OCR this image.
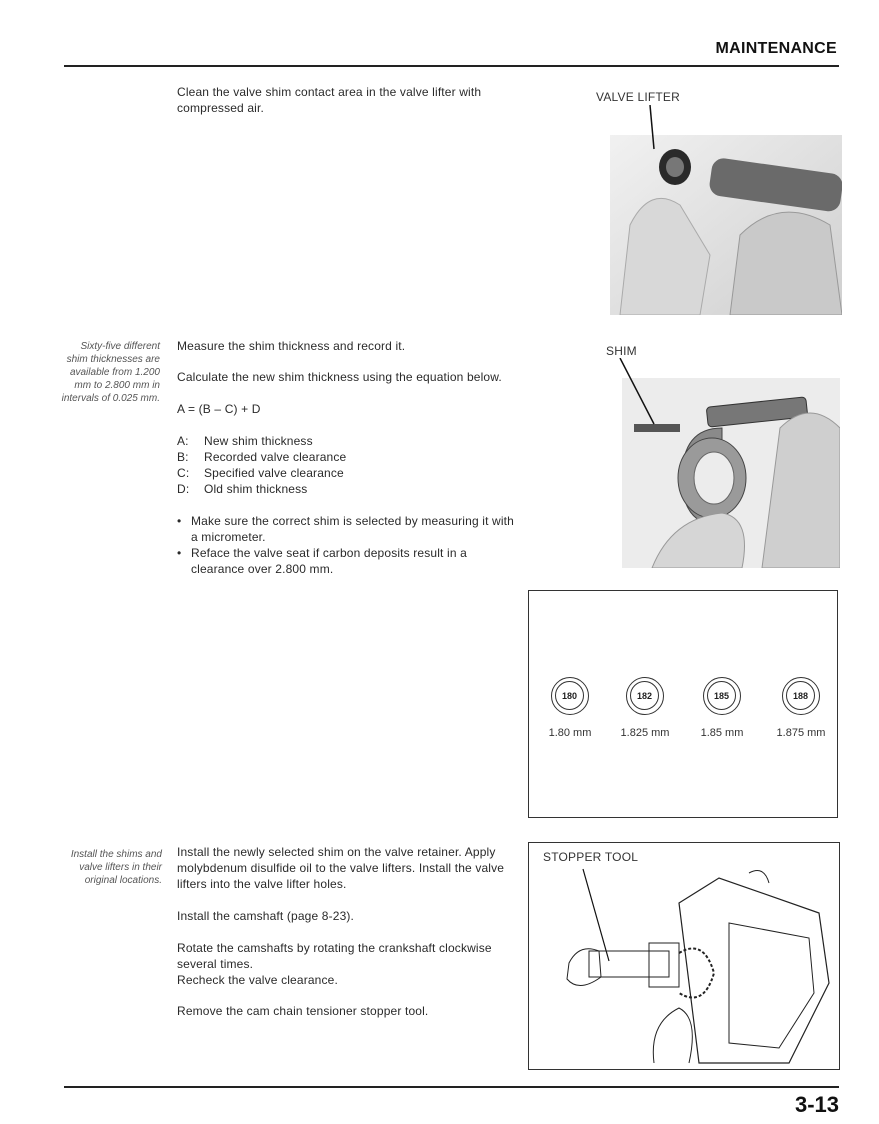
MAINTENANCE
Clean the valve shim contact area in the valve lifter with compressed air.
VALVE LIFTER
Sixty-five different shim thicknesses are available from 1.200 mm to 2.800 mm in intervals of 0.025 mm.
Measure the shim thickness and record it.
Calculate the new shim thickness using the equation below.
A = (B – C) + D
A:	New shim thickness
B:	Recorded valve clearance
C:	Specified valve clearance
D:	Old shim thickness
• Make sure the correct shim is selected by measuring it with a micrometer.
• Reface the valve seat if carbon deposits result in a clearance over 2.800 mm.
SHIM
180
1.80 mm
182
1.825 mm
185
1.85 mm
188
1.875 mm
Install the shims and valve lifters in their original locations.
Install the newly selected shim on the valve retainer. Apply molybdenum disulfide oil to the valve lifters. Install the valve lifters into the valve lifter holes.
Install the camshaft (page 8-23).
Rotate the camshafts by rotating the crankshaft clockwise several times.
Recheck the valve clearance.
Remove the cam chain tensioner stopper tool.
STOPPER TOOL
3-13
